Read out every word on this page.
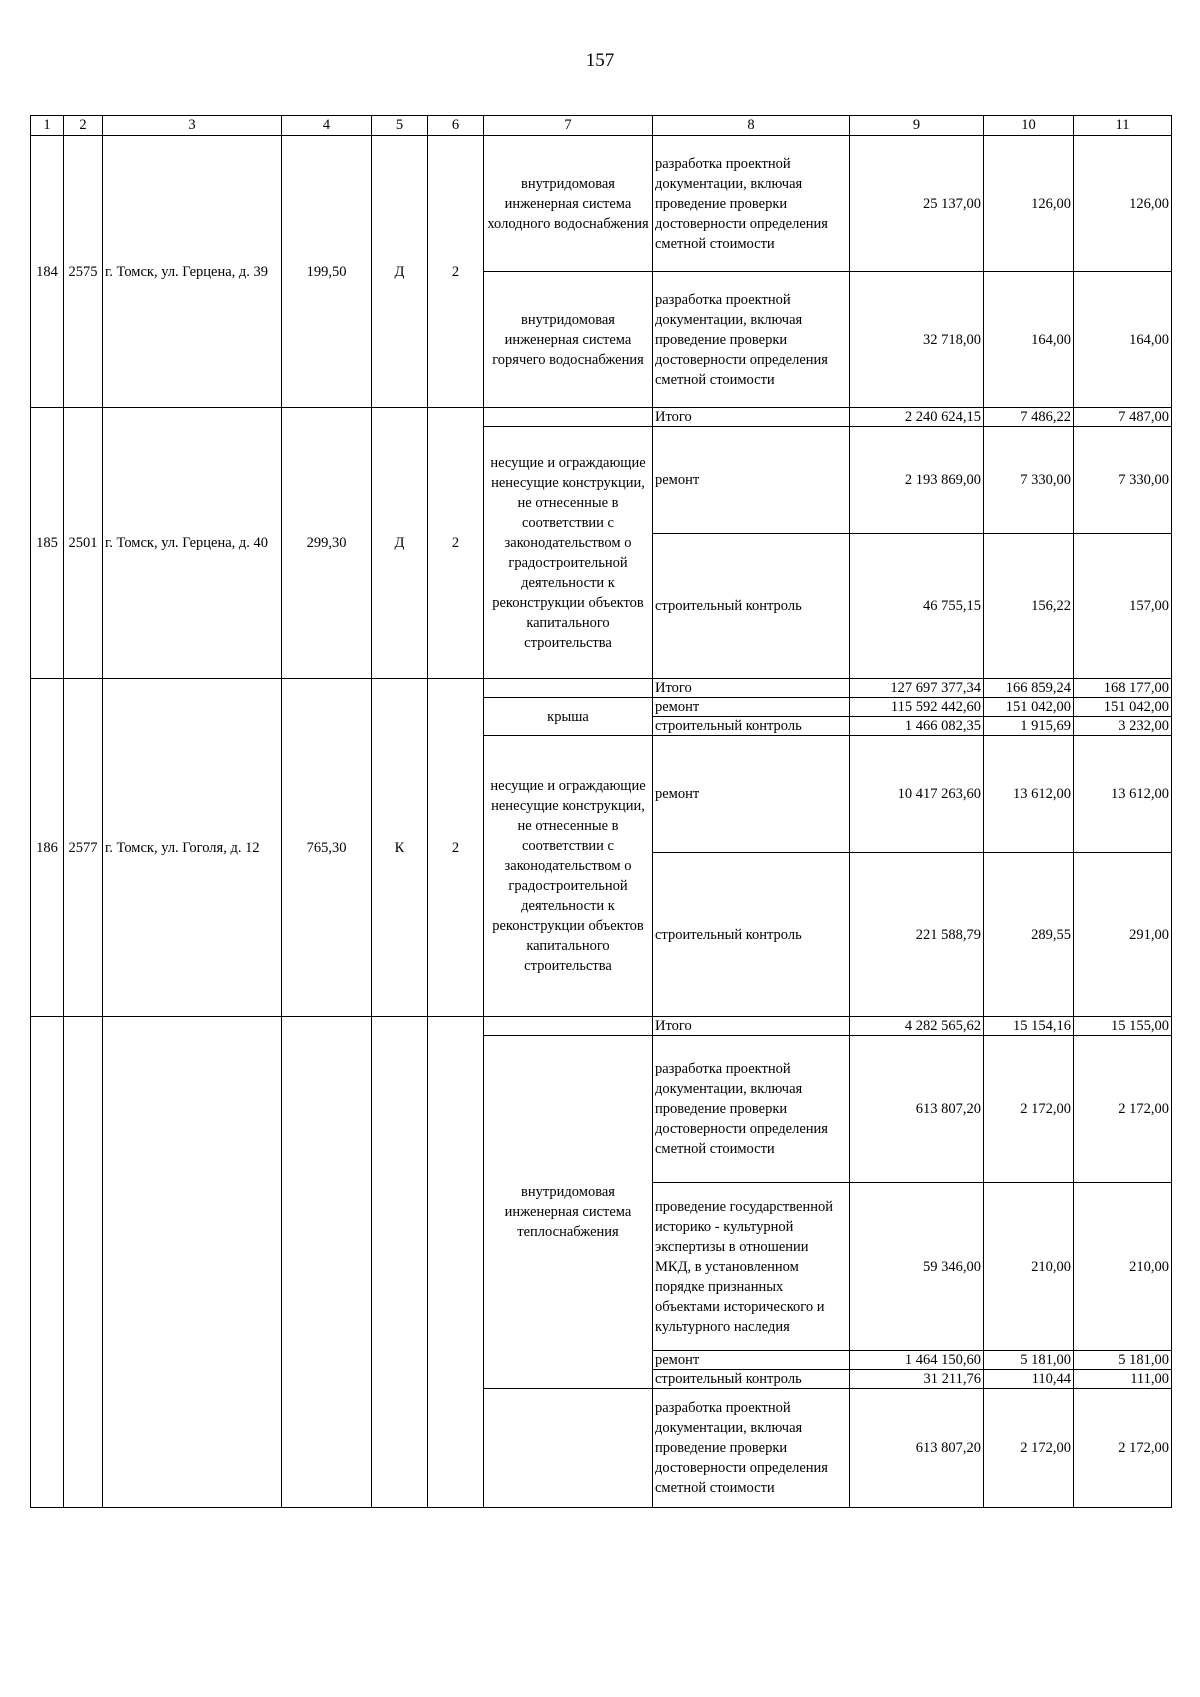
157
1	2	3	4	5	6	7	8	9	10	11
184	2575	г. Томск, ул. Герцена, д. 39	199,50	Д	2	внутридомовая инженерная система холодного водоснабжения	разработка проектной документации, включая проведение проверки достоверности определения сметной стоимости	25 137,00	126,00	126,00
						внутридомовая инженерная система горячего водоснабжения	разработка проектной документации, включая проведение проверки достоверности определения сметной стоимости	32 718,00	164,00	164,00
185	2501	г. Томск, ул. Герцена, д. 40	299,30	Д	2		Итого	2 240 624,15	7 486,22	7 487,00
						несущие и ограждающие ненесущие конструкции, не отнесенные в соответствии с законодательством о градостроительной деятельности к реконструкции объектов капитального строительства	ремонт	2 193 869,00	7 330,00	7 330,00
							строительный контроль	46 755,15	156,22	157,00
186	2577	г. Томск, ул. Гоголя, д. 12	765,30	К	2		Итого	127 697 377,34	166 859,24	168 177,00
						крыша	ремонт	115 592 442,60	151 042,00	151 042,00
							строительный контроль	1 466 082,35	1 915,69	3 232,00
						несущие и ограждающие ненесущие конструкции, не отнесенные в соответствии с законодательством о градостроительной деятельности к реконструкции объектов капитального строительства	ремонт	10 417 263,60	13 612,00	13 612,00
							строительный контроль	221 588,79	289,55	291,00
							Итого	4 282 565,62	15 154,16	15 155,00
						внутридомовая инженерная система теплоснабжения	разработка проектной документации, включая проведение проверки достоверности определения сметной стоимости	613 807,20	2 172,00	2 172,00
							проведение государственной историко - культурной экспертизы в отношении МКД, в установленном порядке признанных объектами исторического и культурного наследия	59 346,00	210,00	210,00
							ремонт	1 464 150,60	5 181,00	5 181,00
							строительный контроль	31 211,76	110,44	111,00
							разработка проектной документации, включая проведение проверки достоверности определения сметной стоимости	613 807,20	2 172,00	2 172,00
